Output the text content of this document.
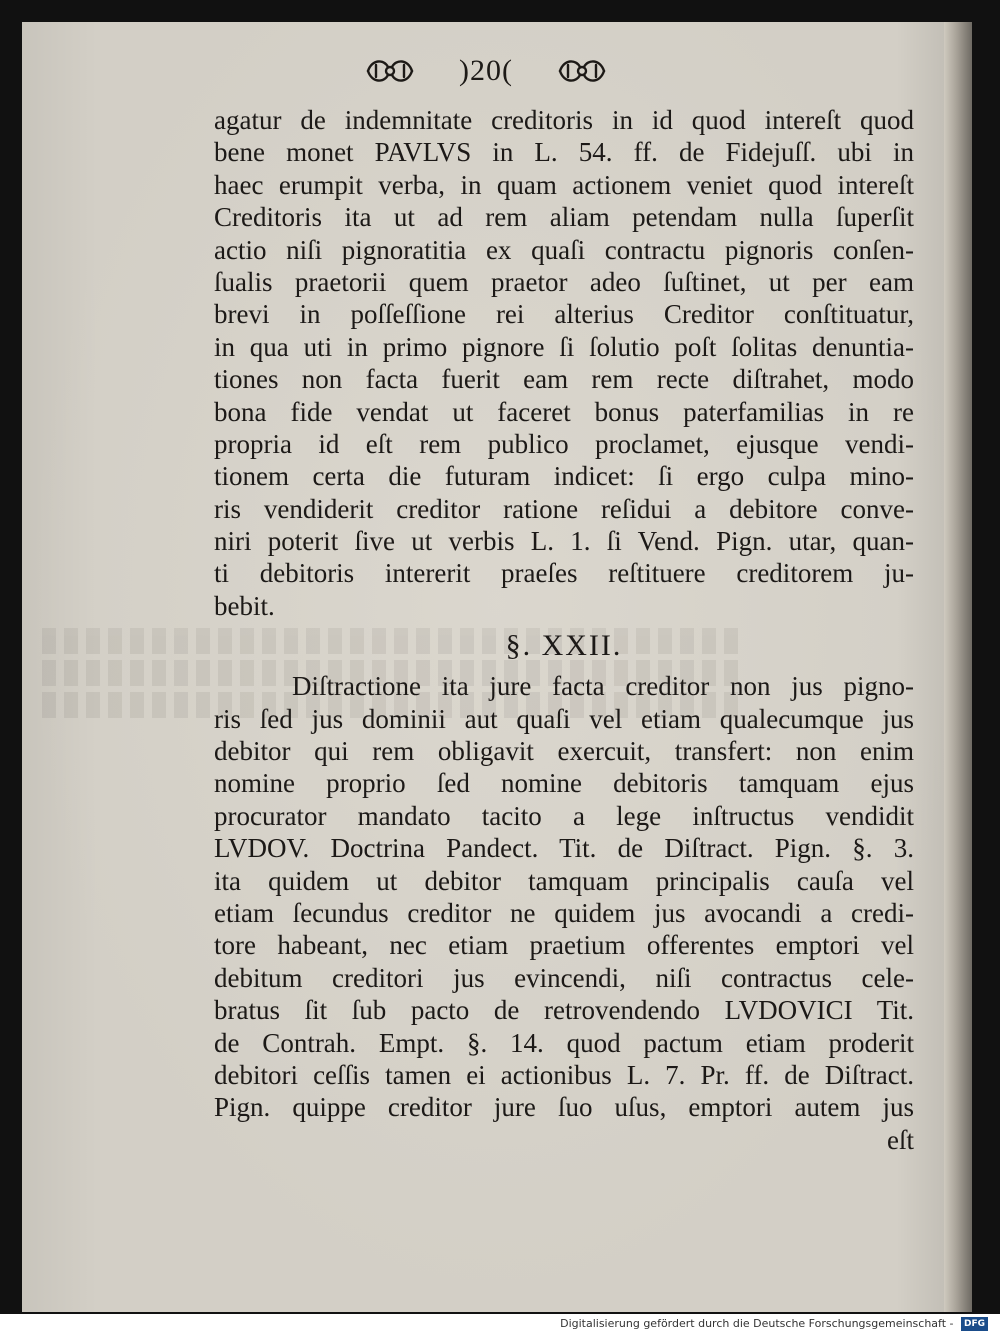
)20(
agatur de indemnitate creditoris in id quod intereſt quod
bene monet PAVLVS in L. 54. ff. de Fidejuſſ. ubi in
haec erumpit verba, in quam actionem veniet quod intereſt
Creditoris ita ut ad rem aliam petendam nulla ſuperſit
actio niſi pignoratitia ex quaſi contractu pignoris conſen-
ſualis praetorii quem praetor adeo ſuſtinet, ut per eam
brevi in poſſeſſione rei alterius Creditor conſtituatur,
in qua uti in primo pignore ſi ſolutio poſt ſolitas denuntia-
tiones non facta fuerit eam rem recte diſtrahet, modo
bona fide vendat ut faceret bonus paterfamilias in re
propria id eſt rem publico proclamet, ejusque vendi-
tionem certa die futuram indicet: ſi ergo culpa mino-
ris vendiderit creditor ratione reſidui a debitore conve-
niri poterit ſive ut verbis L. 1. ſi Vend. Pign. utar, quan-
ti debitoris intererit praeſes reſtituere creditorem ju-
bebit.
§. XXII.
Diſtractione ita jure facta creditor non jus pigno-
ris ſed jus dominii aut quaſi vel etiam qualecumque jus
debitor qui rem obligavit exercuit, transfert: non enim
nomine proprio ſed nomine debitoris tamquam ejus
procurator mandato tacito a lege inſtructus vendidit
LVDOV. Doctrina Pandect. Tit. de Diſtract. Pign. §. 3.
ita quidem ut debitor tamquam principalis cauſa vel
etiam ſecundus creditor ne quidem jus avocandi a credi-
tore habeant, nec etiam praetium offerentes emptori vel
debitum creditori jus evincendi, niſi contractus cele-
bratus ſit ſub pacto de retrovendendo LVDOVICI Tit.
de Contrah. Empt. §. 14. quod pactum etiam proderit
debitori ceſſis tamen ei actionibus L. 7. Pr. ff. de Diſtract.
Pign. quippe creditor jure ſuo uſus, emptori autem jus
eſt
Digitalisierung gefördert durch die Deutsche Forschungsgemeinschaft - DFG
